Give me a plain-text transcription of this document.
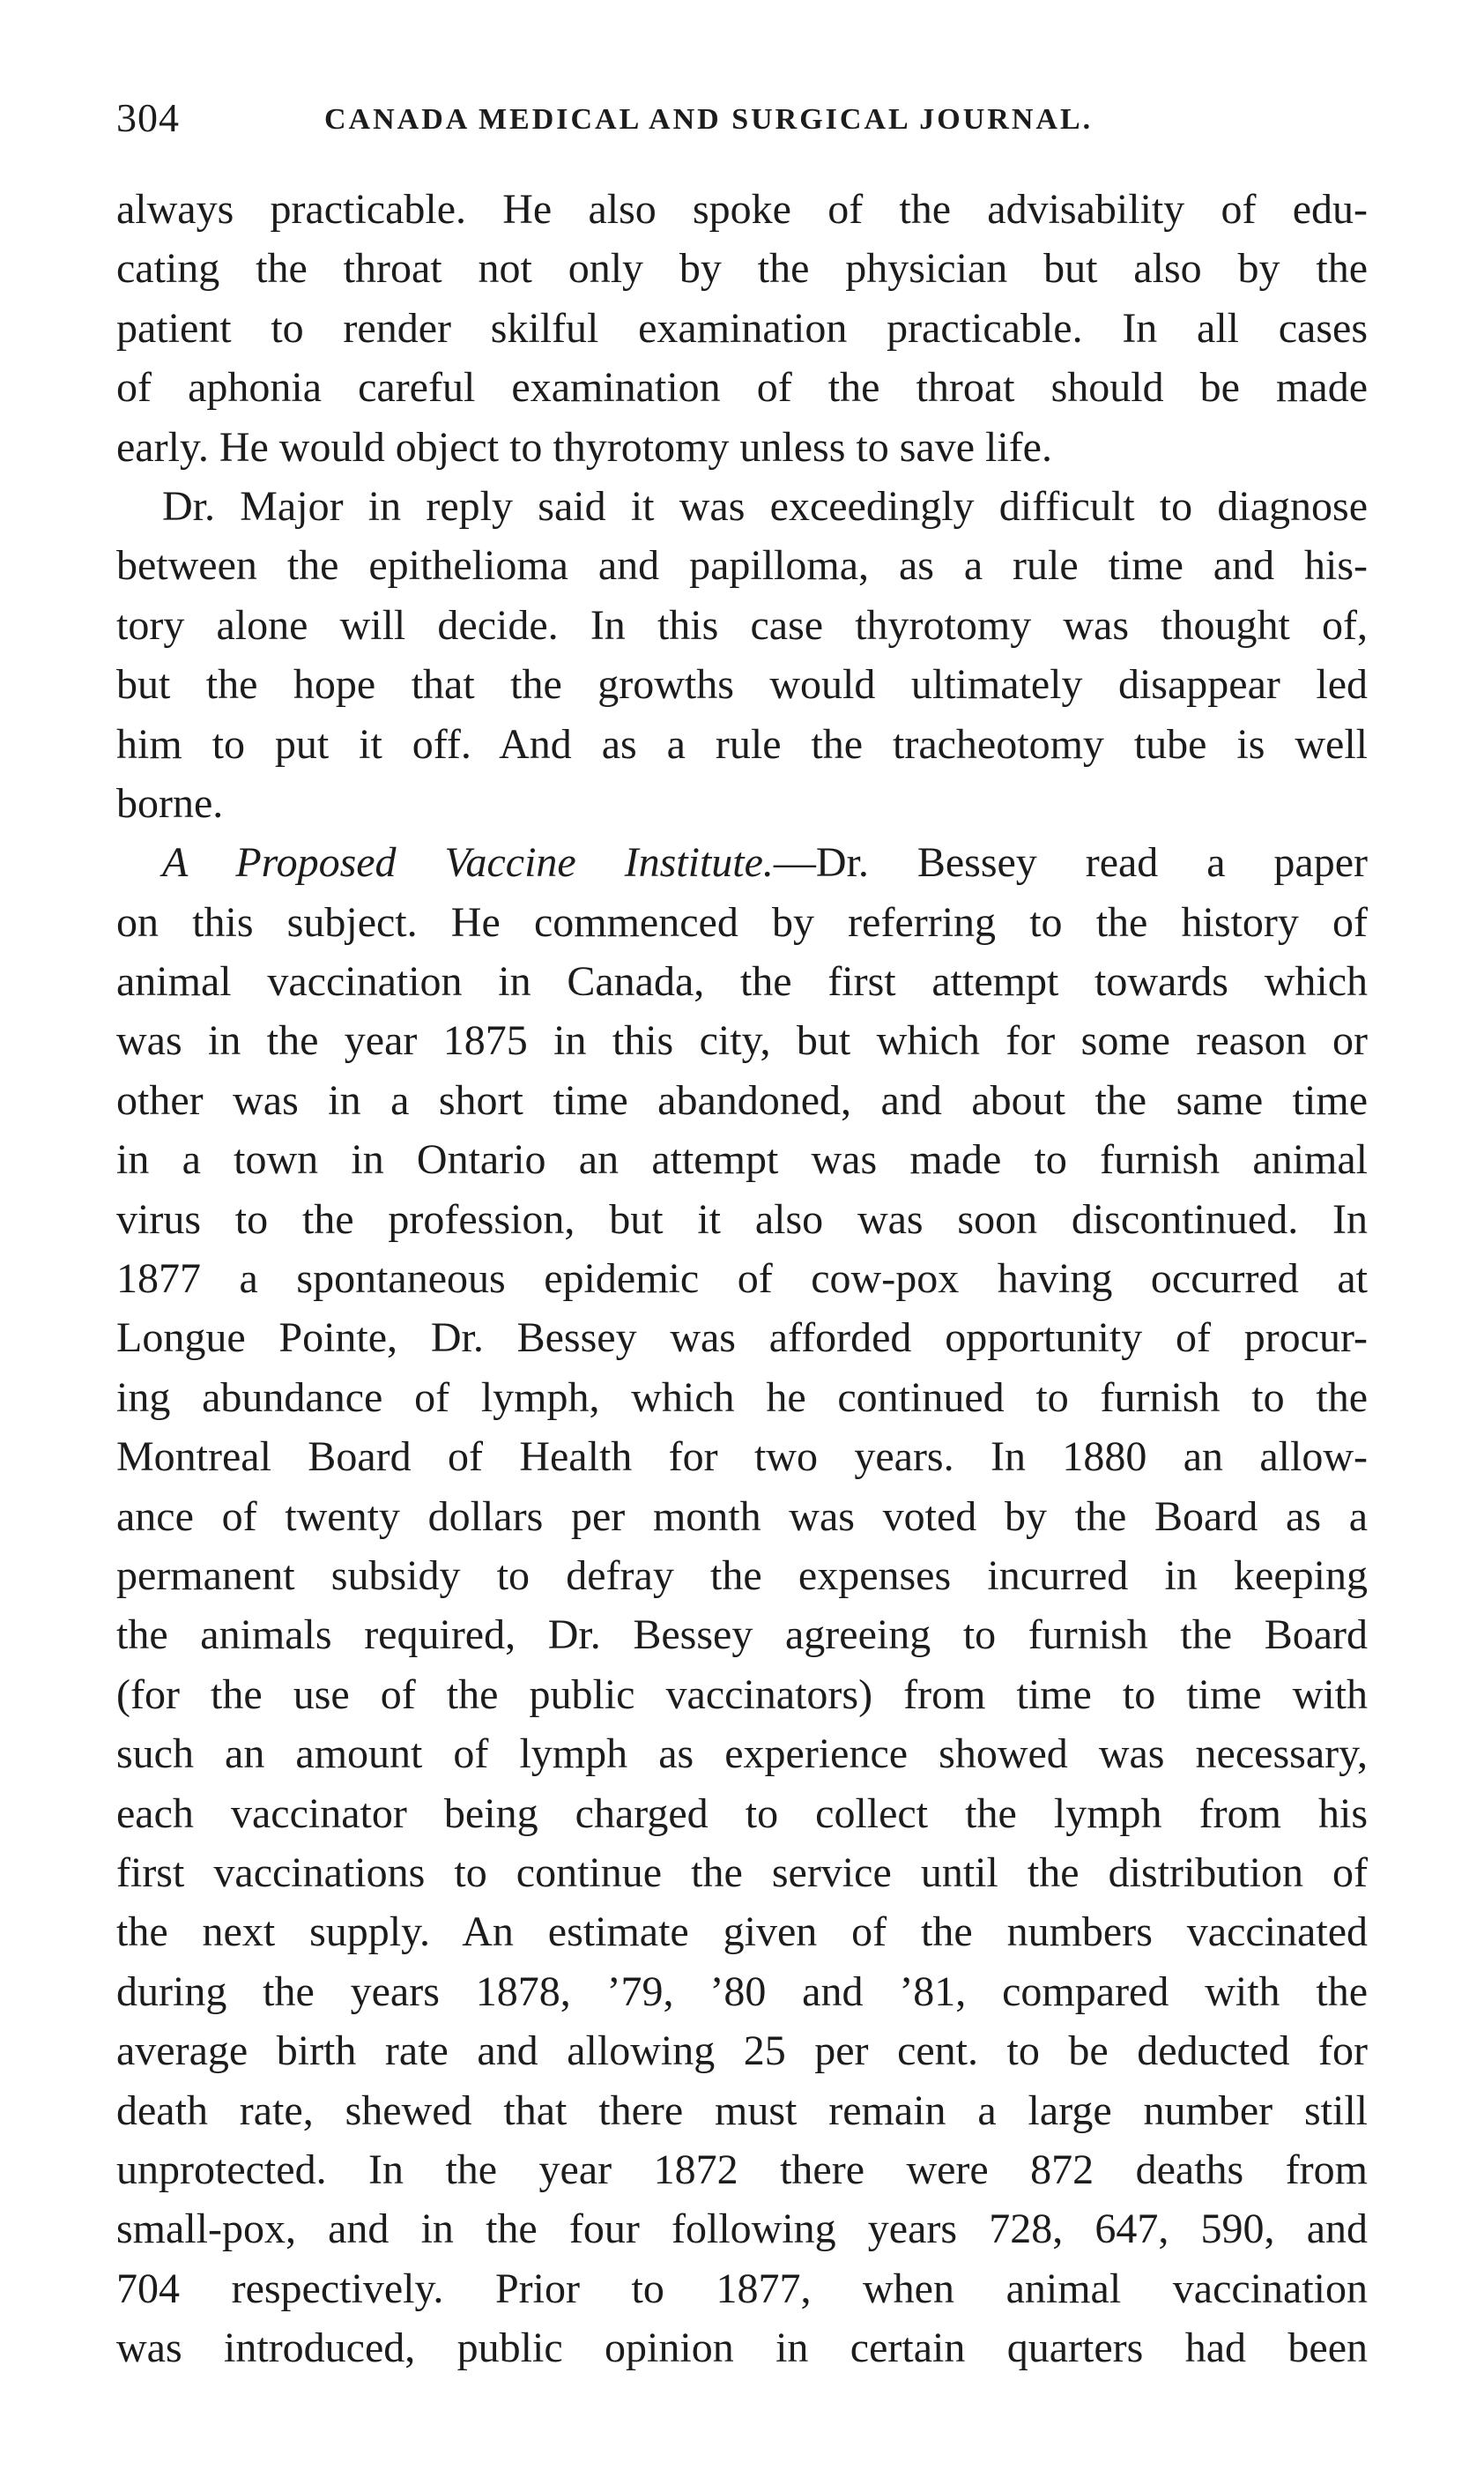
304	CANADA MEDICAL AND SURGICAL JOURNAL.
always practicable. He also spoke of the advisability of edu-
cating the throat not only by the physician but also by the
patient to render skilful examination practicable. In all cases
of aphonia careful examination of the throat should be made
early. He would object to thyrotomy unless to save life.
Dr. Major in reply said it was exceedingly difficult to diagnose
between the epithelioma and papilloma, as a rule time and his-
tory alone will decide. In this case thyrotomy was thought of,
but the hope that the growths would ultimately disappear led
him to put it off. And as a rule the tracheotomy tube is well
borne.
A Proposed Vaccine Institute.—Dr. Bessey read a paper
on this subject. He commenced by referring to the history of
animal vaccination in Canada, the first attempt towards which
was in the year 1875 in this city, but which for some reason or
other was in a short time abandoned, and about the same time
in a town in Ontario an attempt was made to furnish animal
virus to the profession, but it also was soon discontinued. In
1877 a spontaneous epidemic of cow-pox having occurred at
Longue Pointe, Dr. Bessey was afforded opportunity of procur-
ing abundance of lymph, which he continued to furnish to the
Montreal Board of Health for two years. In 1880 an allow-
ance of twenty dollars per month was voted by the Board as a
permanent subsidy to defray the expenses incurred in keeping
the animals required, Dr. Bessey agreeing to furnish the Board
(for the use of the public vaccinators) from time to time with
such an amount of lymph as experience showed was necessary,
each vaccinator being charged to collect the lymph from his
first vaccinations to continue the service until the distribution of
the next supply. An estimate given of the numbers vaccinated
during the years 1878, ’79, ’80 and ’81, compared with the
average birth rate and allowing 25 per cent. to be deducted for
death rate, shewed that there must remain a large number still
unprotected. In the year 1872 there were 872 deaths from
small-pox, and in the four following years 728, 647, 590, and
704 respectively. Prior to 1877, when animal vaccination
was introduced, public opinion in certain quarters had been
